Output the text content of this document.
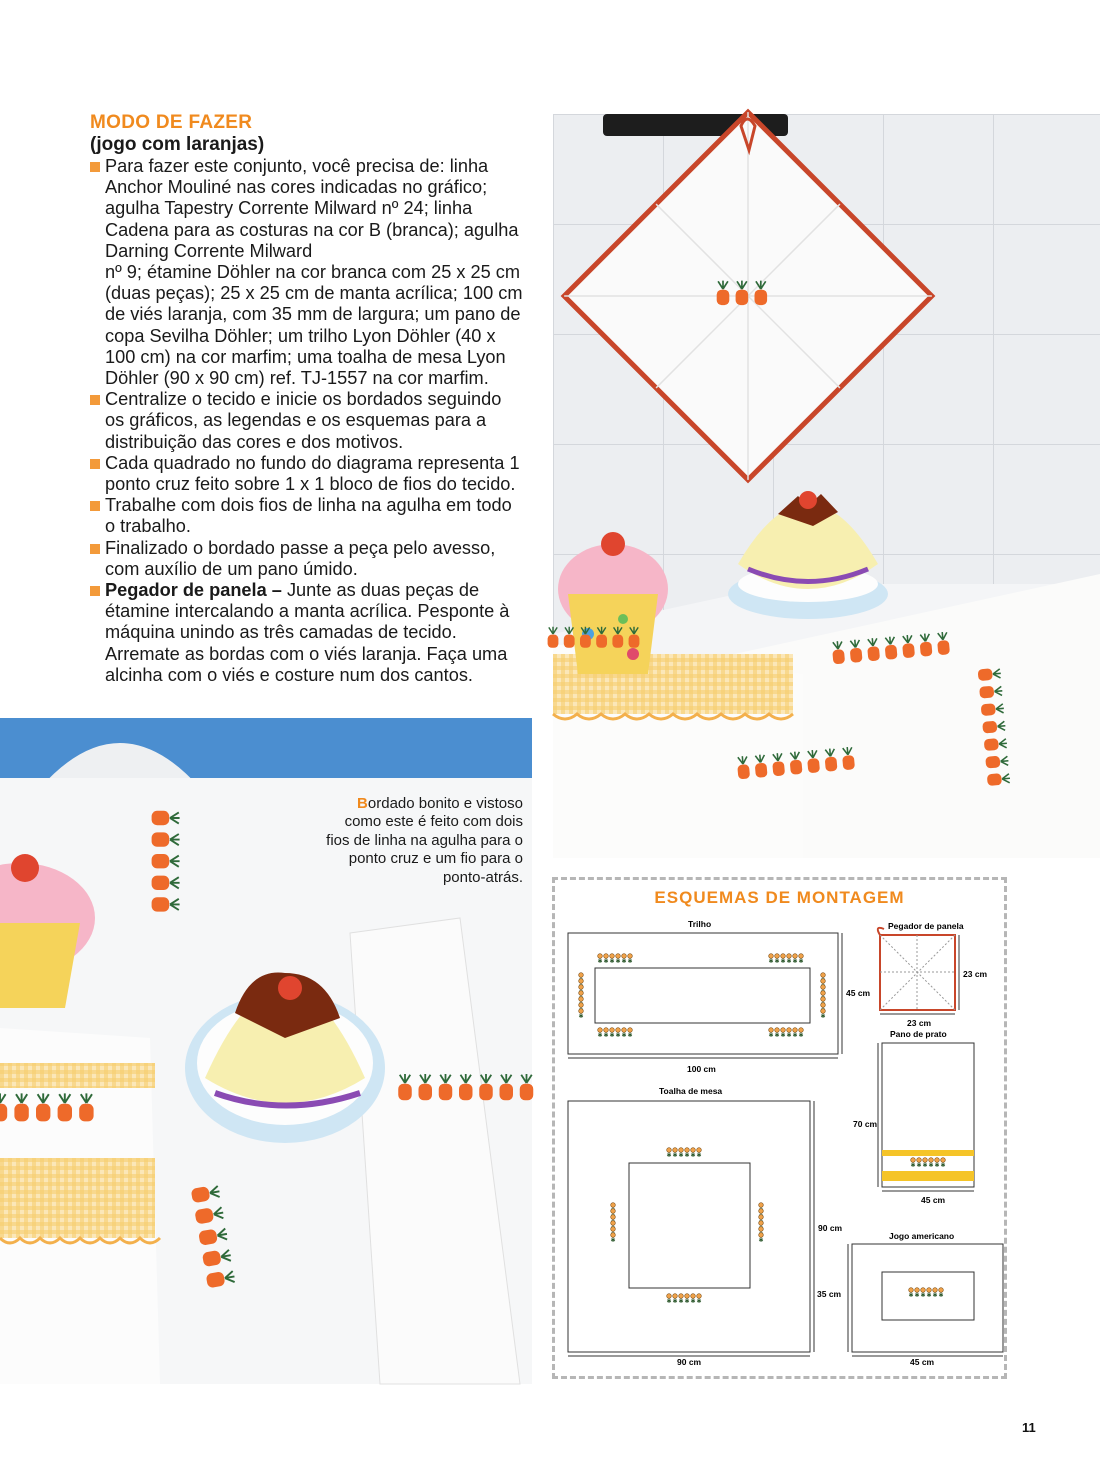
MODO DE FAZER
(jogo com laranjas)
Para fazer este conjunto, você precisa de: linha
Anchor Mouliné nas cores indicadas no gráfico;
agulha Tapestry Corrente Milward nº 24; linha
Cadena para as costuras na cor B (branca); agulha
Darning Corrente Milward
nº 9; étamine Döhler na cor branca com 25 x 25 cm
(duas peças); 25 x 25 cm de manta acrílica; 100 cm
de viés laranja, com 35 mm de largura; um pano de
copa Sevilha Döhler; um trilho Lyon Döhler (40 x
100 cm) na cor marfim; uma toalha de mesa Lyon
Döhler (90 x 90 cm) ref. TJ-1557 na cor marfim.
Centralize o tecido e inicie os bordados seguindo
os gráficos, as legendas e os esquemas para a
distribuição das cores e dos motivos.
Cada quadrado no fundo do diagrama representa 1
ponto cruz feito sobre 1 x 1 bloco de fios do tecido.
Trabalhe com dois fios de linha na agulha em todo
o trabalho.
Finalizado o bordado passe a peça pelo avesso,
com auxílio de um pano úmido.
Pegador de panela – Junte as duas peças de
étamine intercalando a manta acrílica. Pesponte à
máquina unindo as três camadas de tecido.
Arremate as bordas com o viés laranja. Faça uma
alcinha com o viés e costure num dos cantos.
Bordado bonito e vistoso
como este é feito com dois
fios de linha na agulha para o
ponto cruz e um fio para o
ponto-atrás.
ESQUEMAS DE MONTAGEM
✱
Trilho
45 cm
100 cm
Pegador de panela
23 cm
23 cm
Pano de prato
70 cm
45 cm
Toalha de mesa
90 cm
90 cm
Jogo americano
35 cm
45 cm
11
